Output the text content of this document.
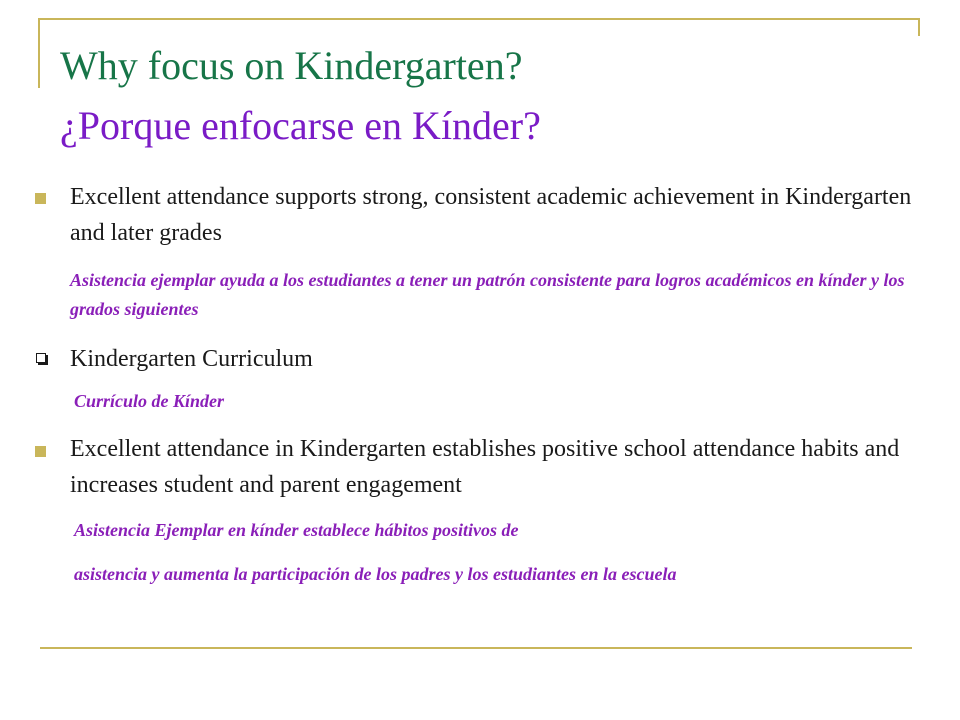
Why focus on Kindergarten?
¿Porque enfocarse en Kínder?
Excellent attendance supports strong, consistent academic achievement in Kindergarten and later grades
Asistencia ejemplar ayuda a los estudiantes a tener un patrón consistente para logros académicos en kínder y los grados siguientes
Kindergarten Curriculum
Currículo de Kínder
Excellent attendance in Kindergarten establishes positive school attendance habits and increases student and parent engagement
Asistencia Ejemplar en kínder establece hábitos positivos de
asistencia y aumenta la participación de los padres y los estudiantes en la escuela
